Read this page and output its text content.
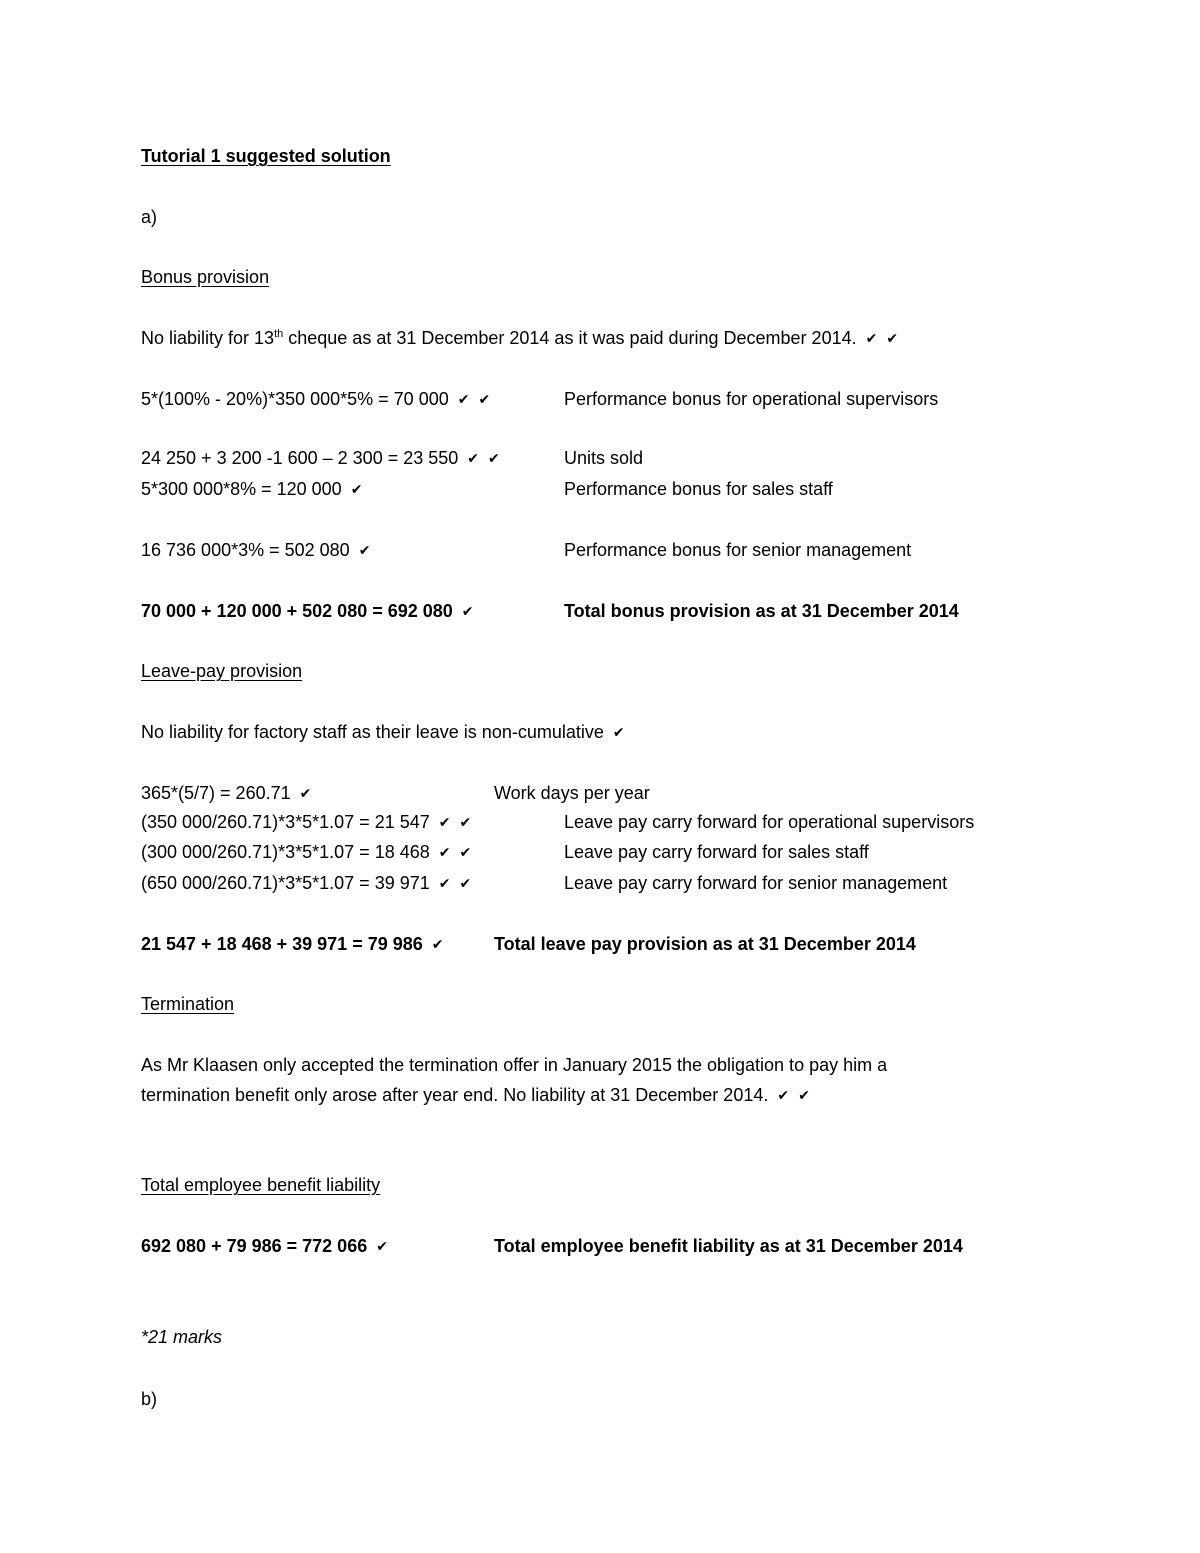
Tutorial 1 suggested solution
a)
Bonus provision
No liability for 13th cheque as at 31 December 2014 as it was paid during December 2014. ✔ ✔
5*(100% - 20%)*350 000*5% = 70 000 ✔ ✔	Performance bonus for operational supervisors
24 250 + 3 200 -1 600 – 2 300 = 23 550 ✔ ✔	Units sold
5*300 000*8% = 120 000 ✔	Performance bonus for sales staff
16 736 000*3% = 502 080 ✔	Performance bonus for senior management
70 000 + 120 000 + 502 080 = 692 080 ✔	Total bonus provision as at 31 December 2014
Leave-pay provision
No liability for factory staff as their leave is non-cumulative ✔
365*(5/7) = 260.71 ✔	Work days per year
(350 000/260.71)*3*5*1.07 = 21 547 ✔ ✔	Leave pay carry forward for operational supervisors
(300 000/260.71)*3*5*1.07 = 18 468 ✔ ✔	Leave pay carry forward for sales staff
(650 000/260.71)*3*5*1.07 = 39 971 ✔ ✔	Leave pay carry forward for senior management
21 547 + 18 468 + 39 971 = 79 986 ✔	Total leave pay provision as at 31 December 2014
Termination
As Mr Klaasen only accepted the termination offer in January 2015 the obligation to pay him a
termination benefit only arose after year end. No liability at 31 December 2014. ✔ ✔
Total employee benefit liability
692 080 + 79 986 = 772 066 ✔	Total employee benefit liability as at 31 December 2014
*21 marks
b)
